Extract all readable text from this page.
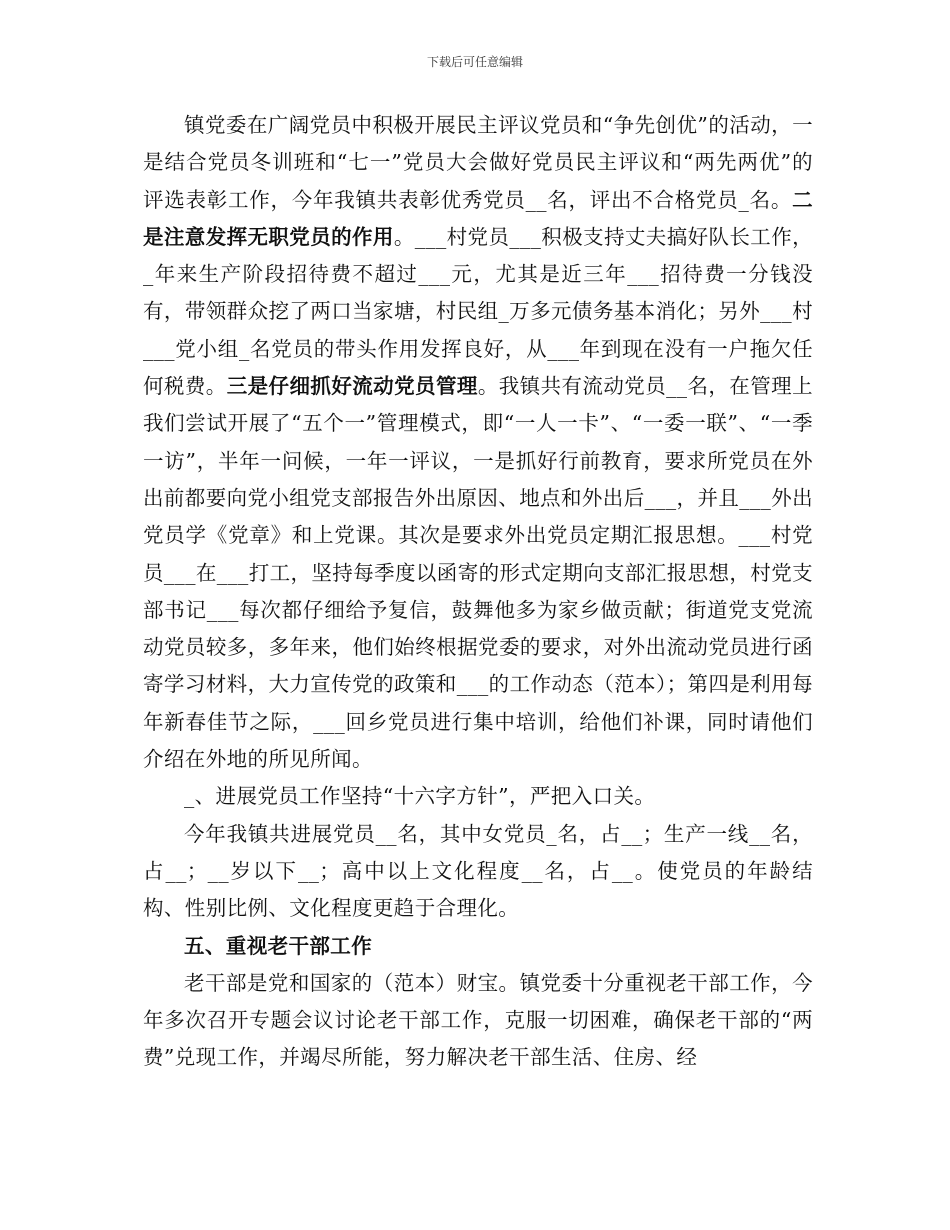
下载后可任意编辑

镇党委在广阔党员中积极开展民主评议党员和“争先创优”的活动，一是结合党员冬训班和“七一”党员大会做好党员民主评议和“两先两优”的评选表彰工作，今年我镇共表彰优秀党员__名，评出不合格党员_名。二是注意发挥无职党员的作用。___村党员___积极支持丈夫搞好队长工作，_年来生产阶段招待费不超过___元，尤其是近三年___招待费一分钱没有，带领群众挖了两口当家塘，村民组_万多元债务基本消化；另外___村___党小组_名党员的带头作用发挥良好，从___年到现在没有一户拖欠任何税费。三是仔细抓好流动党员管理。我镇共有流动党员__名，在管理上我们尝试开展了“五个一”管理模式，即“一人一卡”、“一委一联”、“一季一访”，半年一问候，一年一评议，一是抓好行前教育，要求所党员在外出前都要向党小组党支部报告外出原因、地点和外出后___，并且___外出党员学《党章》和上党课。其次是要求外出党员定期汇报思想。___村党员___在___打工，坚持每季度以函寄的形式定期向支部汇报思想，村党支部书记___每次都仔细给予复信，鼓舞他多为家乡做贡献；街道党支党流动党员较多，多年来，他们始终根据党委的要求，对外出流动党员进行函寄学习材料，大力宣传党的政策和___的工作动态（范本）；第四是利用每年新春佳节之际，___回乡党员进行集中培训，给他们补课，同时请他们介绍在外地的所见所闻。

_、进展党员工作坚持“十六字方针”，严把入口关。

今年我镇共进展党员__名，其中女党员_名，占__；生产一线__名，占__；__岁以下__；高中以上文化程度__名，占__。使党员的年龄结构、性别比例、文化程度更趋于合理化。

五、重视老干部工作

老干部是党和国家的（范本）财宝。镇党委十分重视老干部工作，今年多次召开专题会议讨论老干部工作，克服一切困难，确保老干部的“两费”兑现工作，并竭尽所能，努力解决老干部生活、住房、经
